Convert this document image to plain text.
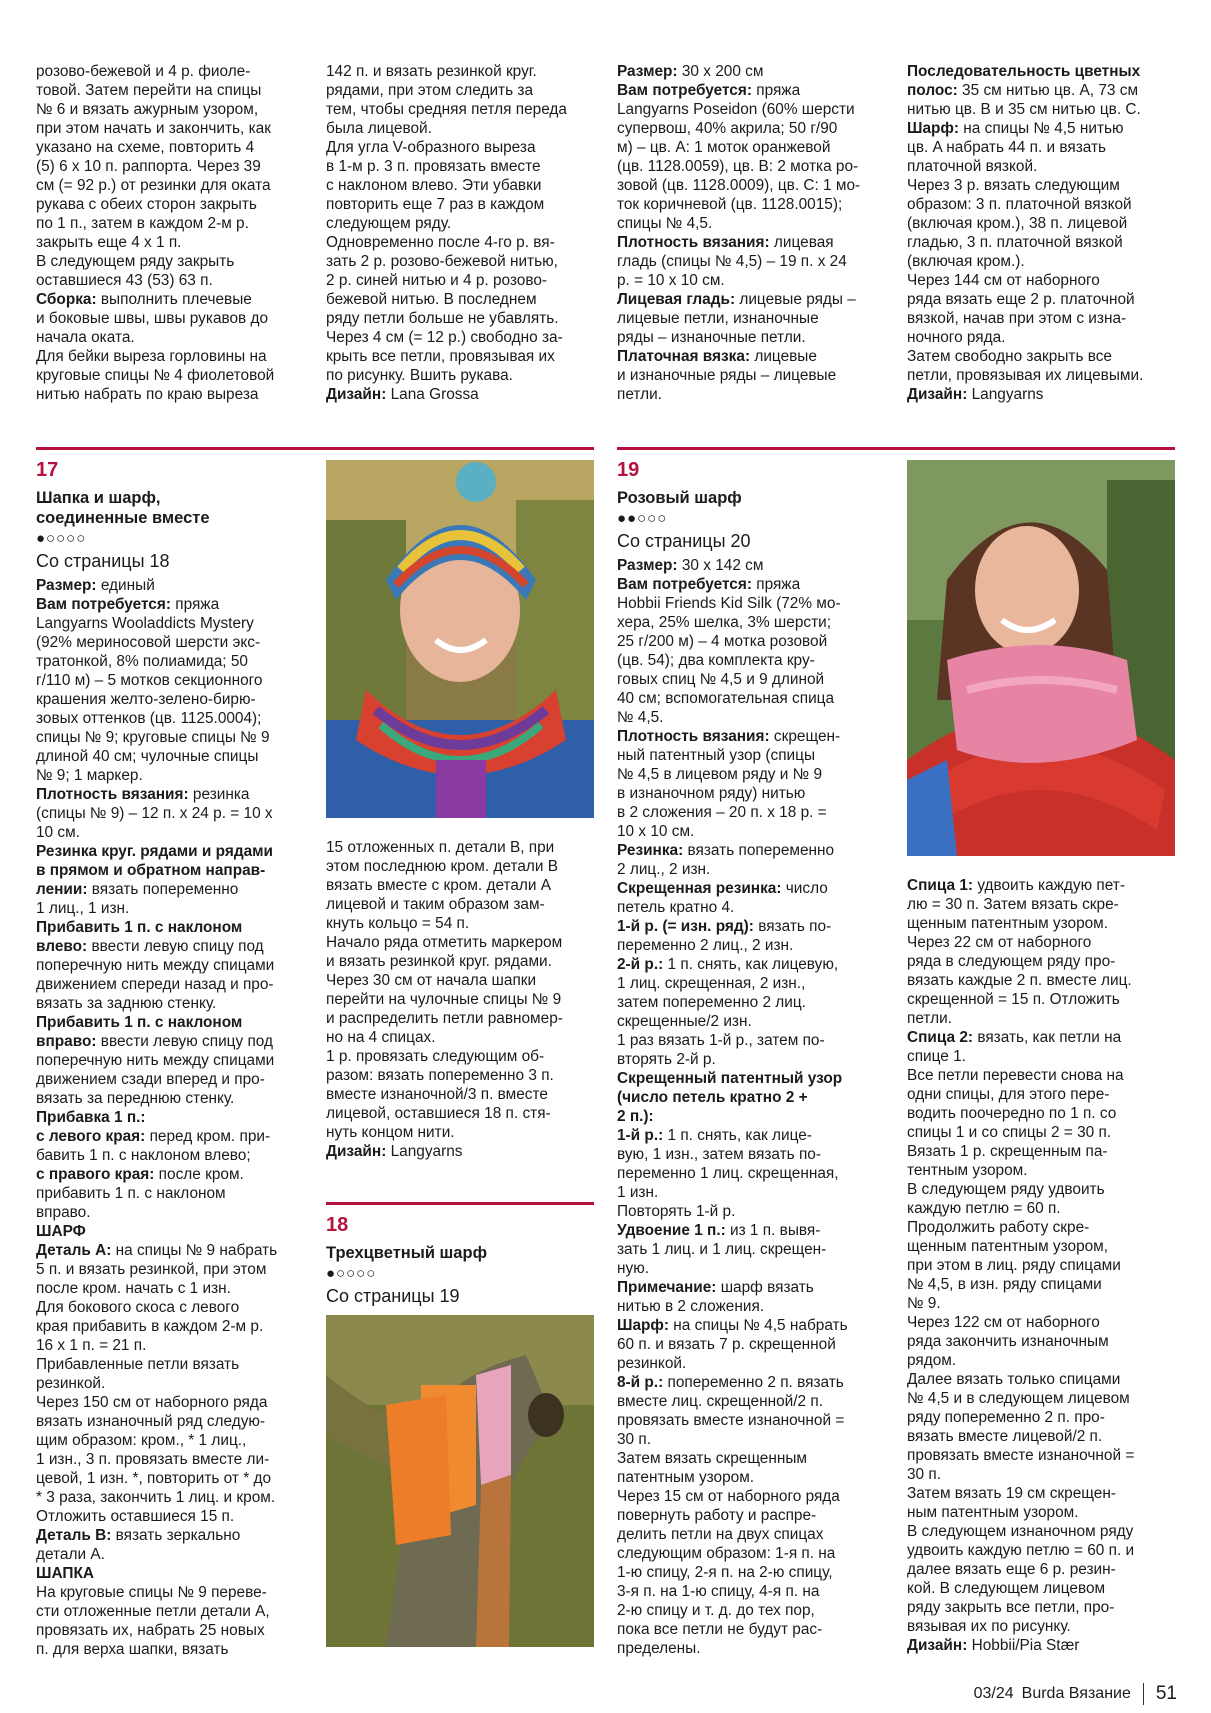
розово-бежевой и 4 р. фиоле-
товой. Затем перейти на спицы
№ 6 и вязать ажурным узором,
при этом начать и закончить, как
указано на схеме, повторить 4
(5) 6 х 10 п. раппорта. Через 39
см (= 92 р.) от резинки для оката
рукава с обеих сторон закрыть
по 1 п., затем в каждом 2-м р.
закрыть еще 4 х 1 п.
В следующем ряду закрыть
оставшиеся 43 (53) 63 п.

Сборка: выполнить плечевые
и боковые швы, швы рукавов до
начала оката.
Для бейки выреза горловины на
круговые спицы № 4 фиолетовой
нитью набрать по краю выреза

142 п. и вязать резинкой круг.
рядами, при этом следить за
тем, чтобы средняя петля переда
была лицевой.
Для угла V-образного выреза
в 1-м р. 3 п. провязать вместе
с наклоном влево. Эти убавки
повторить еще 7 раз в каждом
следующем ряду.
Одновременно после 4-го р. вя-
зать 2 р. розово-бежевой нитью,
2 р. синей нитью и 4 р. розово-
бежевой нитью. В последнем
ряду петли больше не убавлять.
Через 4 см (= 12 р.) свободно за-
крыть все петли, провязывая их
по рисунку. Вшить рукава.

Дизайн: Lana Grossa

Размер: 30 х 200 см

Вам потребуется: пряжа
Langyarns Poseidon (60% шерсти
супервош, 40% акрила; 50 г/90
м) – цв. A: 1 моток оранжевой
(цв. 1128.0059), цв. B: 2 мотка ро-
зовой (цв. 1128.0009), цв. C: 1 мо-
ток коричневой (цв. 1128.0015);
спицы № 4,5.

Плотность вязания: лицевая
гладь (спицы № 4,5) – 19 п. х 24
р. = 10 х 10 см.

Лицевая гладь: лицевые ряды –
лицевые петли, изнаночные
ряды – изнаночные петли.

Платочная вязка: лицевые
и изнаночные ряды – лицевые
петли.

Последовательность цветных
полос: 35 см нитью цв. A, 73 см
нитью цв. B и 35 см нитью цв. C.

Шарф: на спицы № 4,5 нитью
цв. A набрать 44 п. и вязать
платочной вязкой.
Через 3 р. вязать следующим
образом: 3 п. платочной вязкой
(включая кром.), 38 п. лицевой
гладью, 3 п. платочной вязкой
(включая кром.).
Через 144 см от наборного
ряда вязать еще 2 р. платочной
вязкой, начав при этом с изна-
ночного ряда.
Затем свободно закрыть все
петли, провязывая их лицевыми.

Дизайн: Langyarns

17
Шапка и шарф,
соединенные вместе
●○○○○
Со страницы 18

Размер: единый

Вам потребуется: пряжа
Langyarns Wooladdicts Mystery
(92% мериносовой шерсти экс-
тратонкой, 8% полиамида; 50
г/110 м) – 5 мотков секционного
крашения желто-зелено-бирю-
зовых оттенков (цв. 1125.0004);
спицы № 9; круговые спицы № 9
длиной 40 см; чулочные спицы
№ 9; 1 маркер.

Плотность вязания: резинка
(спицы № 9) – 12 п. х 24 р. = 10 х
10 см.

Резинка круг. рядами и рядами
в прямом и обратном направ-
лении: вязать попеременно
1 лиц., 1 изн.

Прибавить 1 п. с наклоном
влево: ввести левую спицу под
поперечную нить между спицами
движением спереди назад и про-
вязать за заднюю стенку.

Прибавить 1 п. с наклоном
вправо: ввести левую спицу под
поперечную нить между спицами
движением сзади вперед и про-
вязать за переднюю стенку.

Прибавка 1 п.:

с левого края: перед кром. при-
бавить 1 п. с наклоном влево;

с правого края: после кром.
прибавить 1 п. с наклоном
вправо.

ШАРФ

Деталь A: на спицы № 9 набрать
5 п. и вязать резинкой, при этом
после кром. начать с 1 изн.
Для бокового скоса с левого
края прибавить в каждом 2-м р.
16 х 1 п. = 21 п.
Прибавленные петли вязать
резинкой.
Через 150 см от наборного ряда
вязать изнаночный ряд следую-
щим образом: кром., * 1 лиц.,
1 изн., 3 п. провязать вместе ли-
цевой, 1 изн. *, повторить от * до
* 3 раза, закончить 1 лиц. и кром.
Отложить оставшиеся 15 п.

Деталь B: вязать зеркально
детали A.

ШАПКА

На круговые спицы № 9 переве-
сти отложенные петли детали A,
провязать их, набрать 25 новых
п. для верха шапки, вязать

15 отложенных п. детали B, при
этом последнюю кром. детали B
вязать вместе с кром. детали A
лицевой и таким образом зам-
кнуть кольцо = 54 п.
Начало ряда отметить маркером
и вязать резинкой круг. рядами.
Через 30 см от начала шапки
перейти на чулочные спицы № 9
и распределить петли равномер-
но на 4 спицах.
1 р. провязать следующим об-
разом: вязать попеременно 3 п.
вместе изнаночной/3 п. вместе
лицевой, оставшиеся 18 п. стя-
нуть концом нити.

Дизайн: Langyarns

18
Трехцветный шарф
●○○○○
Со страницы 19
19
Розовый шарф
●●○○○
Со страницы 20

Размер: 30 х 142 см

Вам потребуется: пряжа
Hobbii Friends Kid Silk (72% мо-
хера, 25% шелка, 3% шерсти;
25 г/200 м) – 4 мотка розовой
(цв. 54); два комплекта кру-
говых спиц № 4,5 и 9 длиной
40 см; вспомогательная спица
№ 4,5.

Плотность вязания: скрещен-
ный патентный узор (спицы
№ 4,5 в лицевом ряду и № 9
в изнаночном ряду) нитью
в 2 сложения – 20 п. х 18 р. =
10 х 10 см.

Резинка: вязать попеременно
2 лиц., 2 изн.

Скрещенная резинка: число
петель кратно 4.

1-й р. (= изн. ряд): вязать по-
переменно 2 лиц., 2 изн.

2-й р.: 1 п. снять, как лицевую,
1 лиц. скрещенная, 2 изн.,
затем попеременно 2 лиц.
скрещенные/2 изн.
1 раз вязать 1-й р., затем по-
вторять 2-й р.

Скрещенный патентный узор
(число петель кратно 2 +
2 п.):

1-й р.: 1 п. снять, как лице-
вую, 1 изн., затем вязать по-
переменно 1 лиц. скрещенная,
1 изн.
Повторять 1-й р.

Удвоение 1 п.: из 1 п. вывя-
зать 1 лиц. и 1 лиц. скрещен-
ную.

Примечание: шарф вязать
нитью в 2 сложения.

Шарф: на спицы № 4,5 набрать
60 п. и вязать 7 р. скрещенной
резинкой.

8-й р.: попеременно 2 п. вязать
вместе лиц. скрещенной/2 п.
провязать вместе изнаночной =
30 п.
Затем вязать скрещенным
патентным узором.
Через 15 см от наборного ряда
повернуть работу и распре-
делить петли на двух спицах
следующим образом: 1-я п. на
1-ю спицу, 2-я п. на 2-ю спицу,
3-я п. на 1-ю спицу, 4-я п. на
2-ю спицу и т. д. до тех пор,
пока все петли не будут рас-
пределены.

Спица 1: удвоить каждую пет-
лю = 30 п. Затем вязать скре-
щенным патентным узором.
Через 22 см от наборного
ряда в следующем ряду про-
вязать каждые 2 п. вместе лиц.
скрещенной = 15 п. Отложить
петли.

Спица 2: вязать, как петли на
спице 1.
Все петли перевести снова на
одни спицы, для этого пере-
водить поочередно по 1 п. со
спицы 1 и со спицы 2 = 30 п.
Вязать 1 р. скрещенным па-
тентным узором.
В следующем ряду удвоить
каждую петлю = 60 п.
Продолжить работу скре-
щенным патентным узором,
при этом в лиц. ряду спицами
№ 4,5, в изн. ряду спицами
№ 9.
Через 122 см от наборного
ряда закончить изнаночным
рядом.
Далее вязать только спицами
№ 4,5 и в следующем лицевом
ряду попеременно 2 п. про-
вязать вместе лицевой/2 п.
провязать вместе изнаночной =
30 п.
Затем вязать 19 см скрещен-
ным патентным узором.
В следующем изнаночном ряду
удвоить каждую петлю = 60 п. и
далее вязать еще 6 р. резин-
кой. В следующем лицевом
ряду закрыть все петли, про-
вязывая их по рисунку.

Дизайн: Hobbii/Pia Stær

03/24 Burda Вязание 51
